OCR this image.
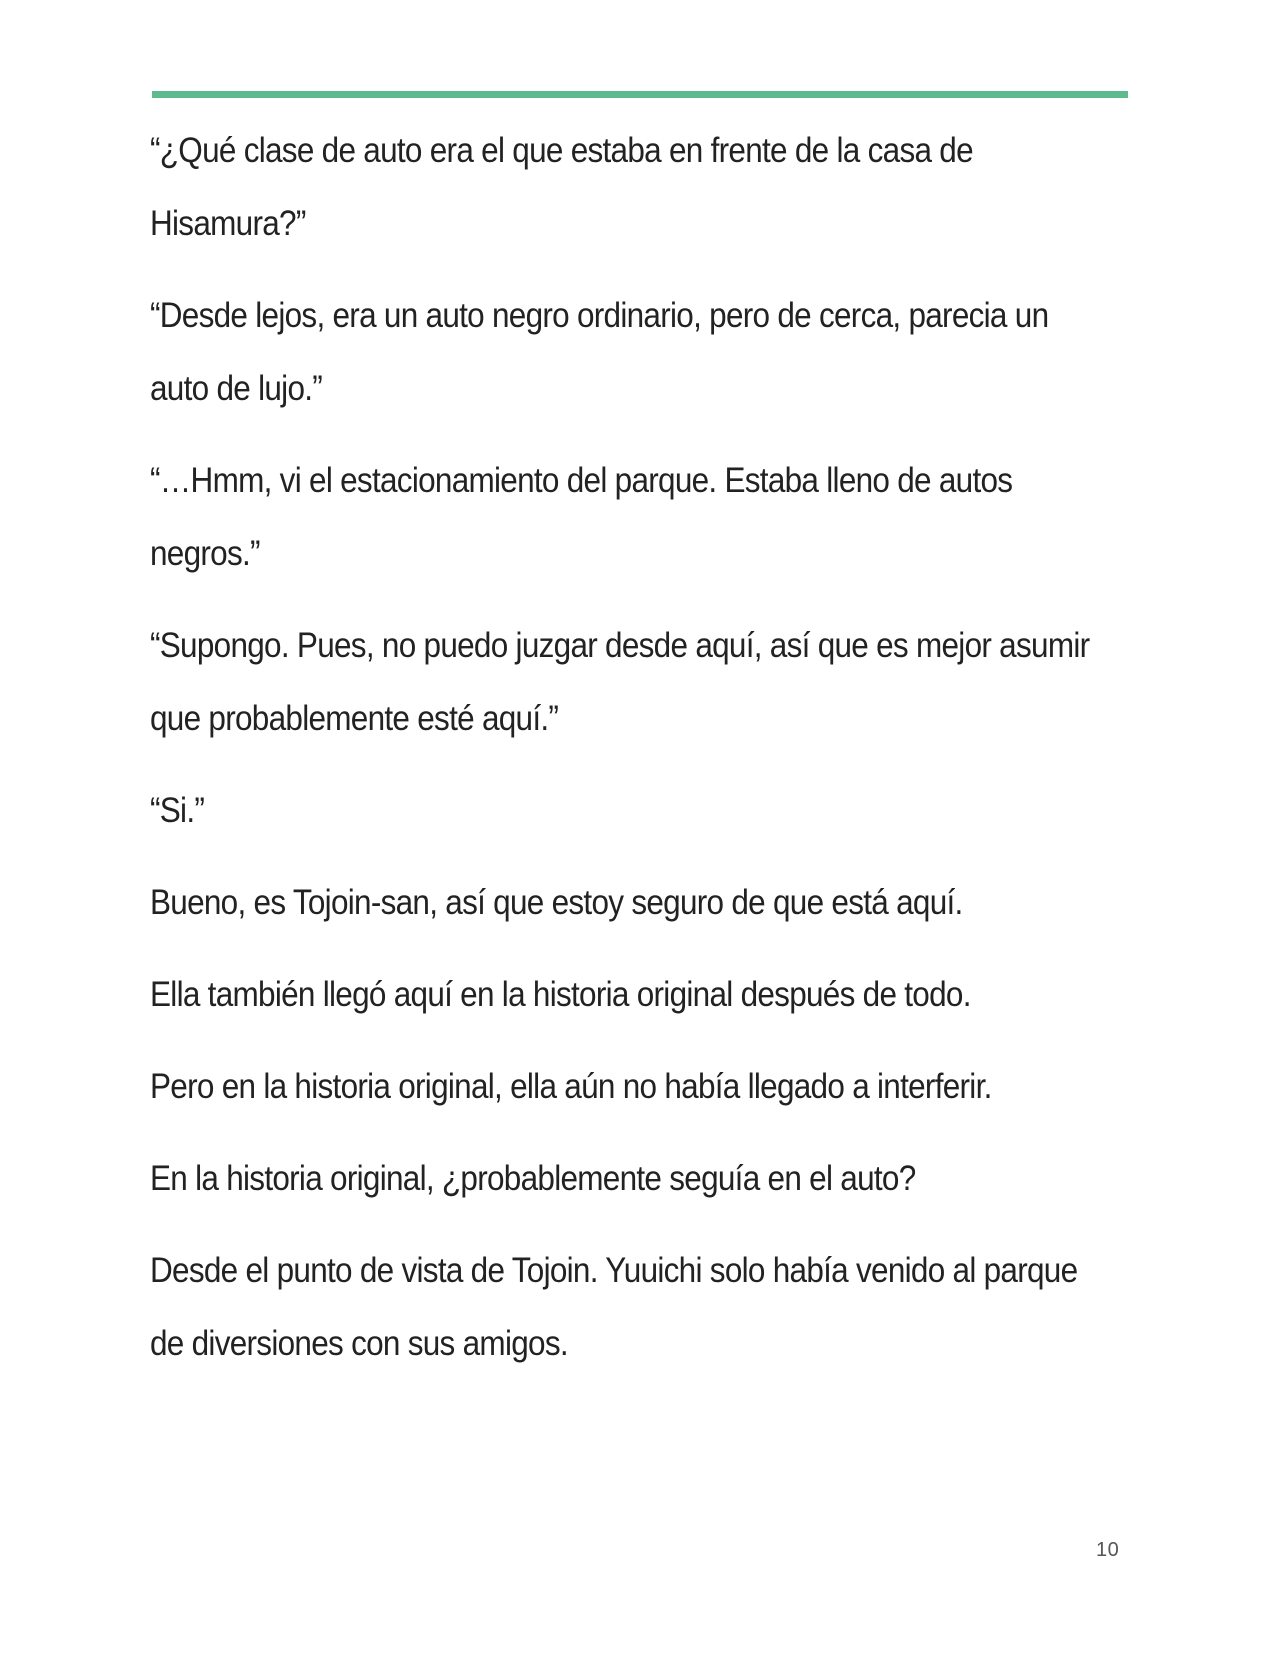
“¿Qué clase de auto era el que estaba en frente de la casa de Hisamura?”

“Desde lejos, era un auto negro ordinario, pero de cerca, parecia un auto de lujo.”

“…Hmm, vi el estacionamiento del parque. Estaba lleno de autos negros.”

“Supongo. Pues, no puedo juzgar desde aquí, así que es mejor asumir que probablemente esté aquí.”

“Si.”

Bueno, es Tojoin-san, así que estoy seguro de que está aquí.

Ella también llegó aquí en la historia original después de todo.

Pero en la historia original, ella aún no había llegado a interferir.

En la historia original, ¿probablemente seguía en el auto?

Desde el punto de vista de Tojoin. Yuuichi solo había venido al parque de diversiones con sus amigos.

10
